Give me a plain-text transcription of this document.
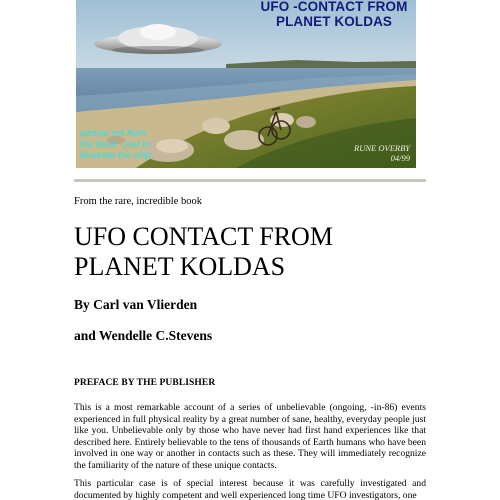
UFO -CONTACT FROM
PLANET KOLDAS
picture not from
the book - just to
illustrate the ship
RUNE OVERBY
04/99
From the rare, incredible book
UFO CONTACT FROM
PLANET KOLDAS
By Carl van Vlierden
and Wendelle C.Stevens
PREFACE BY THE PUBLISHER

This is a most remarkable account of a series of unbelievable (ongoing, -in-86) events experienced in full physical reality by a great number of sane, healthy, everyday people just like you. Unbelievable only by those who have never had first hand experiences like that described here. Entirely believable to the tens of thousands of Earth humans who have been involved in one way or another in contacts such as these. They will immediately recognize the familiarity of the nature of these unique contacts.

This particular case is of special interest because it was carefully investigated and documented by highly competent and well experienced long time UFO investigators, one
